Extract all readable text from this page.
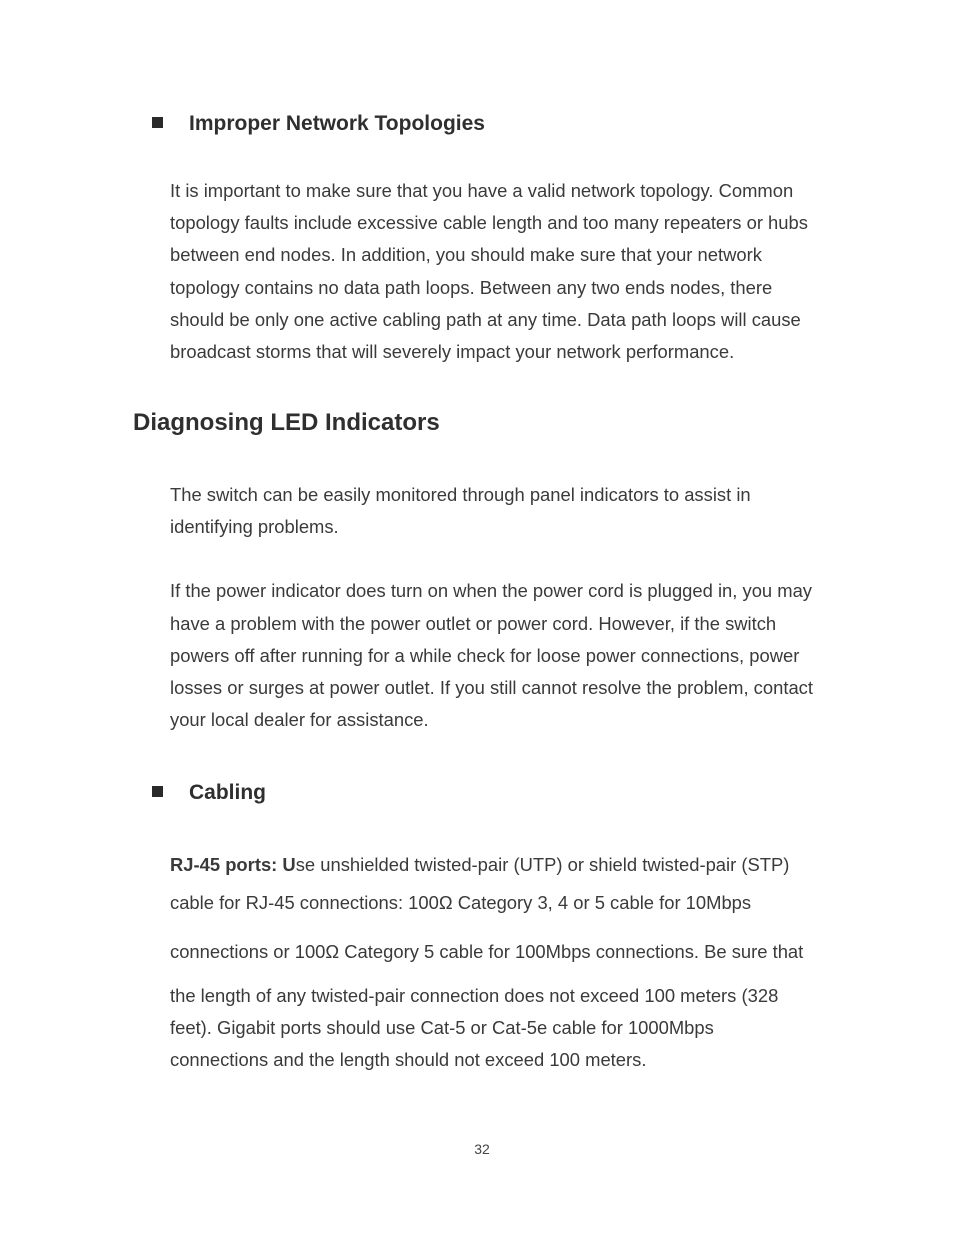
Improper Network Topologies
It is important to make sure that you have a valid network topology. Common
topology faults include excessive cable length and too many repeaters or hubs
between end nodes. In addition, you should make sure that your network
topology contains no data path loops. Between any two ends nodes, there
should be only one active cabling path at any time. Data path loops will cause
broadcast storms that will severely impact your network performance.
Diagnosing LED Indicators
The switch can be easily monitored through panel indicators to assist in
identifying problems.
If the power indicator does turn on when the power cord is plugged in, you may
have a problem with the power outlet or power cord. However, if the switch
powers off after running for a while check for loose power connections, power
losses or surges at power outlet. If you still cannot resolve the problem, contact
your local dealer for assistance.
Cabling
RJ-45 ports: Use unshielded twisted-pair (UTP) or shield twisted-pair (STP)
cable for RJ-45 connections: 100Ω Category 3, 4 or 5 cable for 10Mbps
connections or 100Ω Category 5 cable for 100Mbps connections. Be sure that
the length of any twisted-pair connection does not exceed 100 meters (328
feet). Gigabit ports should use Cat-5 or Cat-5e cable for 1000Mbps
connections and the length should not exceed 100 meters.
32
